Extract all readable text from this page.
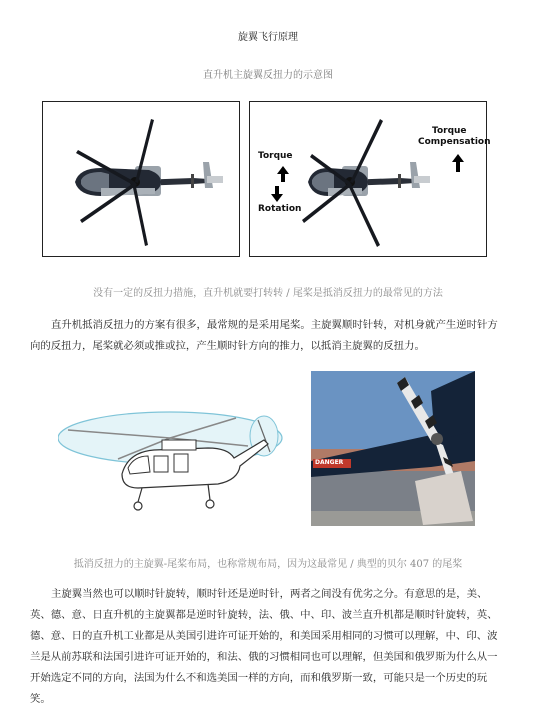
旋翼飞行原理
直升机主旋翼反扭力的示意图
Torque
Rotation
Torque
Compensation
没有一定的反扭力措施，直升机就要打转转 / 尾桨是抵消反扭力的最常见的方法
直升机抵消反扭力的方案有很多，最常规的是采用尾桨。主旋翼顺时针转，对机身就产生逆时针方向的反扭力，尾桨就必须或推或拉，产生顺时针方向的推力，以抵消主旋翼的反扭力。
DANGER
抵消反扭力的主旋翼-尾桨布局，也称常规布局，因为这最常见 / 典型的贝尔 407 的尾桨
主旋翼当然也可以顺时针旋转，顺时针还是逆时针，两者之间没有优劣之分。有意思的是，美、英、德、意、日直升机的主旋翼都是逆时针旋转，法、俄、中、印、波兰直升机都是顺时针旋转，英、德、意、日的直升机工业都是从美国引进许可证开始的，和美国采用相同的习惯可以理解，中、印、波兰是从前苏联和法国引进许可证开始的，和法、俄的习惯相同也可以理解，但美国和俄罗斯为什么从一开始选定不同的方向，法国为什么不和选美国一样的方向，而和俄罗斯一致，可能只是一个历史的玩笑。
